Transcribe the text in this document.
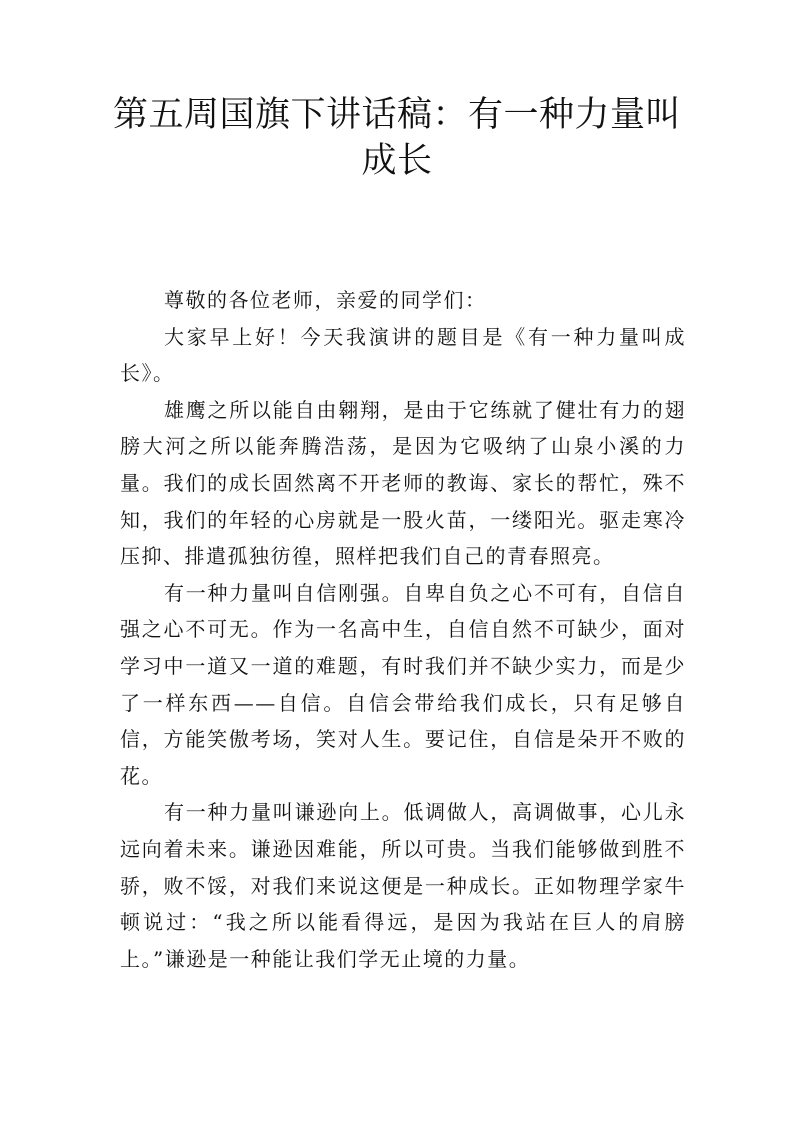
第五周国旗下讲话稿：有一种力量叫成长

尊敬的各位老师，亲爱的同学们：

大家早上好！今天我演讲的题目是《有一种力量叫成长》。

雄鹰之所以能自由翱翔，是由于它练就了健壮有力的翅膀大河之所以能奔腾浩荡，是因为它吸纳了山泉小溪的力量。我们的成长固然离不开老师的教诲、家长的帮忙，殊不知，我们的年轻的心房就是一股火苗，一缕阳光。驱走寒冷压抑、排遣孤独彷徨，照样把我们自己的青春照亮。

有一种力量叫自信刚强。自卑自负之心不可有，自信自强之心不可无。作为一名高中生，自信自然不可缺少，面对学习中一道又一道的难题，有时我们并不缺少实力，而是少了一样东西——自信。自信会带给我们成长，只有足够自信，方能笑傲考场，笑对人生。要记住，自信是朵开不败的花。

有一种力量叫谦逊向上。低调做人，高调做事，心儿永远向着未来。谦逊因难能，所以可贵。当我们能够做到胜不骄，败不馁，对我们来说这便是一种成长。正如物理学家牛顿说过：“我之所以能看得远，是因为我站在巨人的肩膀上。”谦逊是一种能让我们学无止境的力量。
